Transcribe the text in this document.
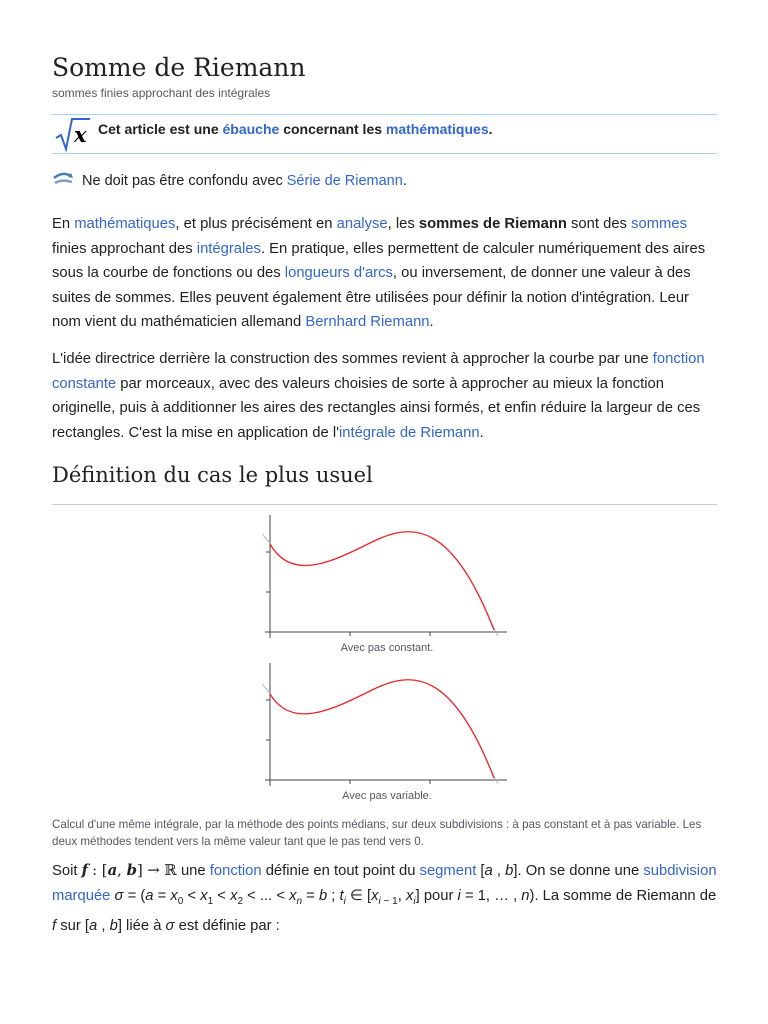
Somme de Riemann
sommes finies approchant des intégrales
x Cet article est une ébauche concernant les mathématiques.
Ne doit pas être confondu avec Série de Riemann.

En mathématiques, et plus précisément en analyse, les sommes de Riemann sont des sommes finies approchant des intégrales. En pratique, elles permettent de calculer numériquement des aires sous la courbe de fonctions ou des longueurs d'arcs, ou inversement, de donner une valeur à des suites de sommes. Elles peuvent également être utilisées pour définir la notion d'intégration. Leur nom vient du mathématicien allemand Bernhard Riemann.

L'idée directrice derrière la construction des sommes revient à approcher la courbe par une fonction constante par morceaux, avec des valeurs choisies de sorte à approcher au mieux la fonction originelle, puis à additionner les aires des rectangles ainsi formés, et enfin réduire la largeur de ces rectangles. C'est la mise en application de l'intégrale de Riemann.

Définition du cas le plus usuel
Avec pas constant.
Avec pas variable.
Calcul d'une même intégrale, par la méthode des points médians, sur deux subdivisions : à pas constant et à pas variable. Les deux méthodes tendent vers la même valeur tant que le pas tend vers 0.

Soit f : [a, b] → ℝ une fonction définie en tout point du segment [a , b]. On se donne une subdivision marquée $\sigma = (a = x_0 < x_1 < x_2$ < ... < $x_n = b$ ; $t_i$ ∈ [$x_{i - 1}$, $x_i$] pour i = 1, … , n). La somme de Riemann de f sur [a , b] liée à σ est définie par :
